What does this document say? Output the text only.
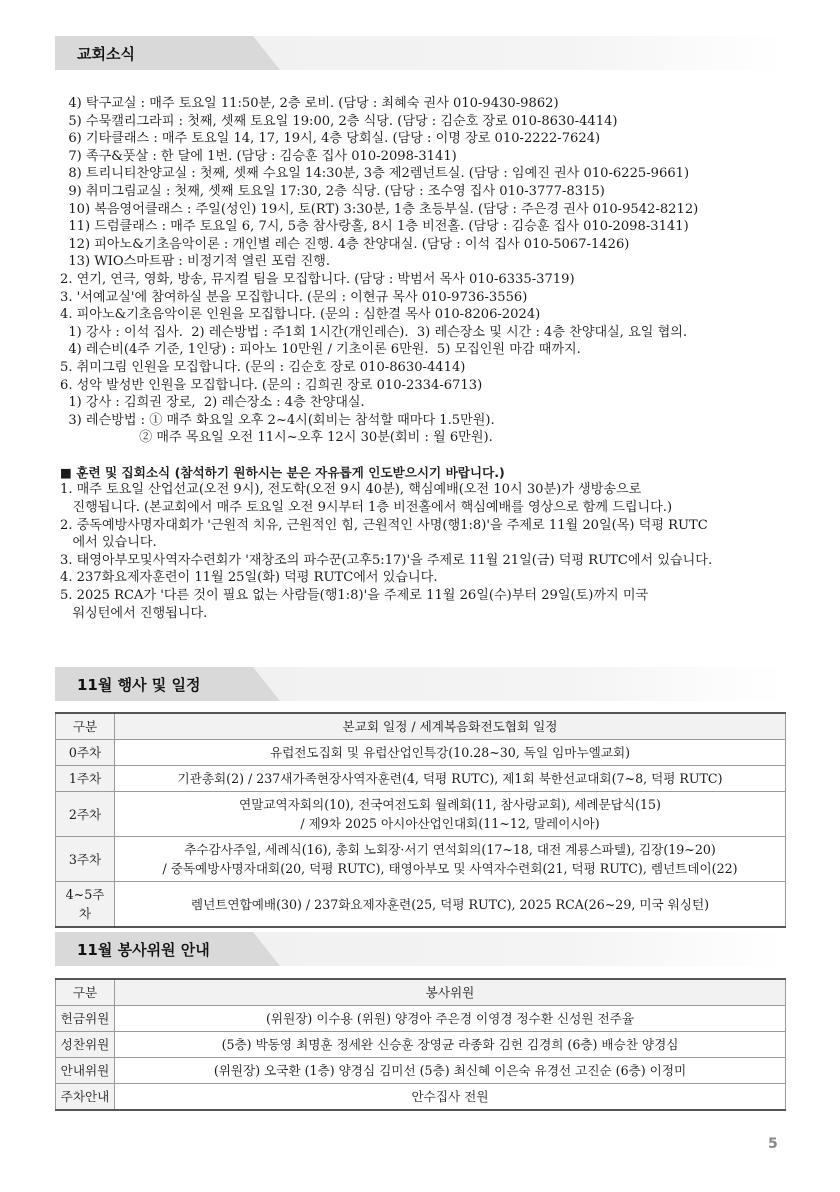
교회소식
4) 탁구교실 : 매주 토요일 11:50분, 2층 로비. (담당 : 최혜숙 권사 010-9430-9862)
5) 수묵캘리그라피 : 첫째, 셋째 토요일 19:00, 2층 식당. (담당 : 김순호 장로 010-8630-4414)
6) 기타클래스 : 매주 토요일 14, 17, 19시, 4층 당회실. (담당 : 이명 장로 010-2222-7624)
7) 족구&풋살 : 한 달에 1번. (담당 : 김승훈 집사 010-2098-3141)
8) 트리니티찬양교실 : 첫째, 셋째 수요일 14:30분, 3층 제2렘넌트실. (담당 : 임예진 권사 010-6225-9661)
9) 취미그림교실 : 첫째, 셋째 토요일 17:30, 2층 식당. (담당 : 조수영 집사 010-3777-8315)
10) 복음영어클래스 : 주일(성인) 19시, 토(RT) 3:30분, 1층 초등부실. (담당 : 주은경 권사 010-9542-8212)
11) 드럼클래스 : 매주 토요일 6, 7시, 5층 참사랑홀, 8시 1층 비전홀. (담당 : 김승훈 집사 010-2098-3141)
12) 피아노&기초음악이론 : 개인별 레슨 진행. 4층 찬양대실. (담당 : 이석 집사 010-5067-1426)
13) WIO스마트팜 : 비정기적 열린 포럼 진행.
2. 연기, 연극, 영화, 방송, 뮤지컬 팀을 모집합니다. (담당 : 박범서 목사 010-6335-3719)
3. '서예교실'에 참여하실 분을 모집합니다. (문의 : 이현규 목사 010-9736-3556)
4. 피아노&기초음악이론 인원을 모집합니다. (문의 : 심한결 목사 010-8206-2024)
1) 강사 : 이석 집사.  2) 레슨방법 : 주1회 1시간(개인레슨).  3) 레슨장소 및 시간 : 4층 찬양대실, 요일 협의.
4) 레슨비(4주 기준, 1인당) : 피아노 10만원 / 기초이론 6만원.  5) 모집인원 마감 때까지.
5. 취미그림 인원을 모집합니다. (문의 : 김순호 장로 010-8630-4414)
6. 성악 발성반 인원을 모집합니다. (문의 : 김희권 장로 010-2334-6713)
1) 강사 : 김희권 장로,  2) 레슨장소 : 4층 찬양대실.
3) 레슨방법 : ① 매주 화요일 오후 2~4시(회비는 참석할 때마다 1.5만원).
② 매주 목요일 오전 11시~오후 12시 30분(회비 : 월 6만원).
■ 훈련 및 집회소식 (참석하기 원하시는 분은 자유롭게 인도받으시기 바랍니다.)
1. 매주 토요일 산업선교(오전 9시), 전도학(오전 9시 40분), 핵심예배(오전 10시 30분)가 생방송으로
진행됩니다. (본교회에서 매주 토요일 오전 9시부터 1층 비전홀에서 핵심예배를 영상으로 함께 드립니다.)
2. 중독예방사명자대회가 '근원적 치유, 근원적인 힘, 근원적인 사명(행1:8)'을 주제로 11월 20일(목) 덕평 RUTC
에서 있습니다.
3. 태영아부모및사역자수련회가 '재창조의 파수꾼(고후5:17)'을 주제로 11월 21일(금) 덕평 RUTC에서 있습니다.
4. 237화요제자훈련이 11월 25일(화) 덕평 RUTC에서 있습니다.
5. 2025 RCA가 '다른 것이 필요 없는 사람들(행1:8)'을 주제로 11월 26일(수)부터 29일(토)까지 미국
워싱턴에서 진행됩니다.
11월 행사 및 일정
구분	본교회 일정 / 세계복음화전도협회 일정
0주차	유럽전도집회 및 유럽산업인특강(10.28~30, 독일 임마누엘교회)

1주차	기관총회(2) / 237새가족현장사역자훈련(4, 덕평 RUTC), 제1회 북한선교대회(7~8, 덕평 RUTC)

2주차	연말교역자회의(10), 전국여전도회 월례회(11, 참사랑교회), 세례문답식(15)
/ 제9차 2025 아시아산업인대회(11~12, 말레이시아)

3주차	추수감사주일, 세례식(16), 총회 노회장·서기 연석회의(17~18, 대전 계룡스파텔), 김장(19~20)
/ 중독예방사명자대회(20, 덕평 RUTC), 태영아부모 및 사역자수련회(21, 덕평 RUTC), 렘넌트데이(22)

4~5주차	렘넌트연합예배(30) / 237화요제자훈련(25, 덕평 RUTC), 2025 RCA(26~29, 미국 워싱턴)
11월 봉사위원 안내
구분	봉사위원
헌금위원	(위원장) 이수용 (위원) 양경아 주은경 이영경 정수환 신성원 전주율
성찬위원	(5층) 박동영 최명훈 정세완 신승훈 장영균 라종화 김헌 김경희 (6층) 배승찬 양경심
안내위원	(위원장) 오국환 (1층) 양경심 김미선 (5층) 최신혜 이은숙 유경선 고진순 (6층) 이정미
주차안내	안수집사 전원
5
